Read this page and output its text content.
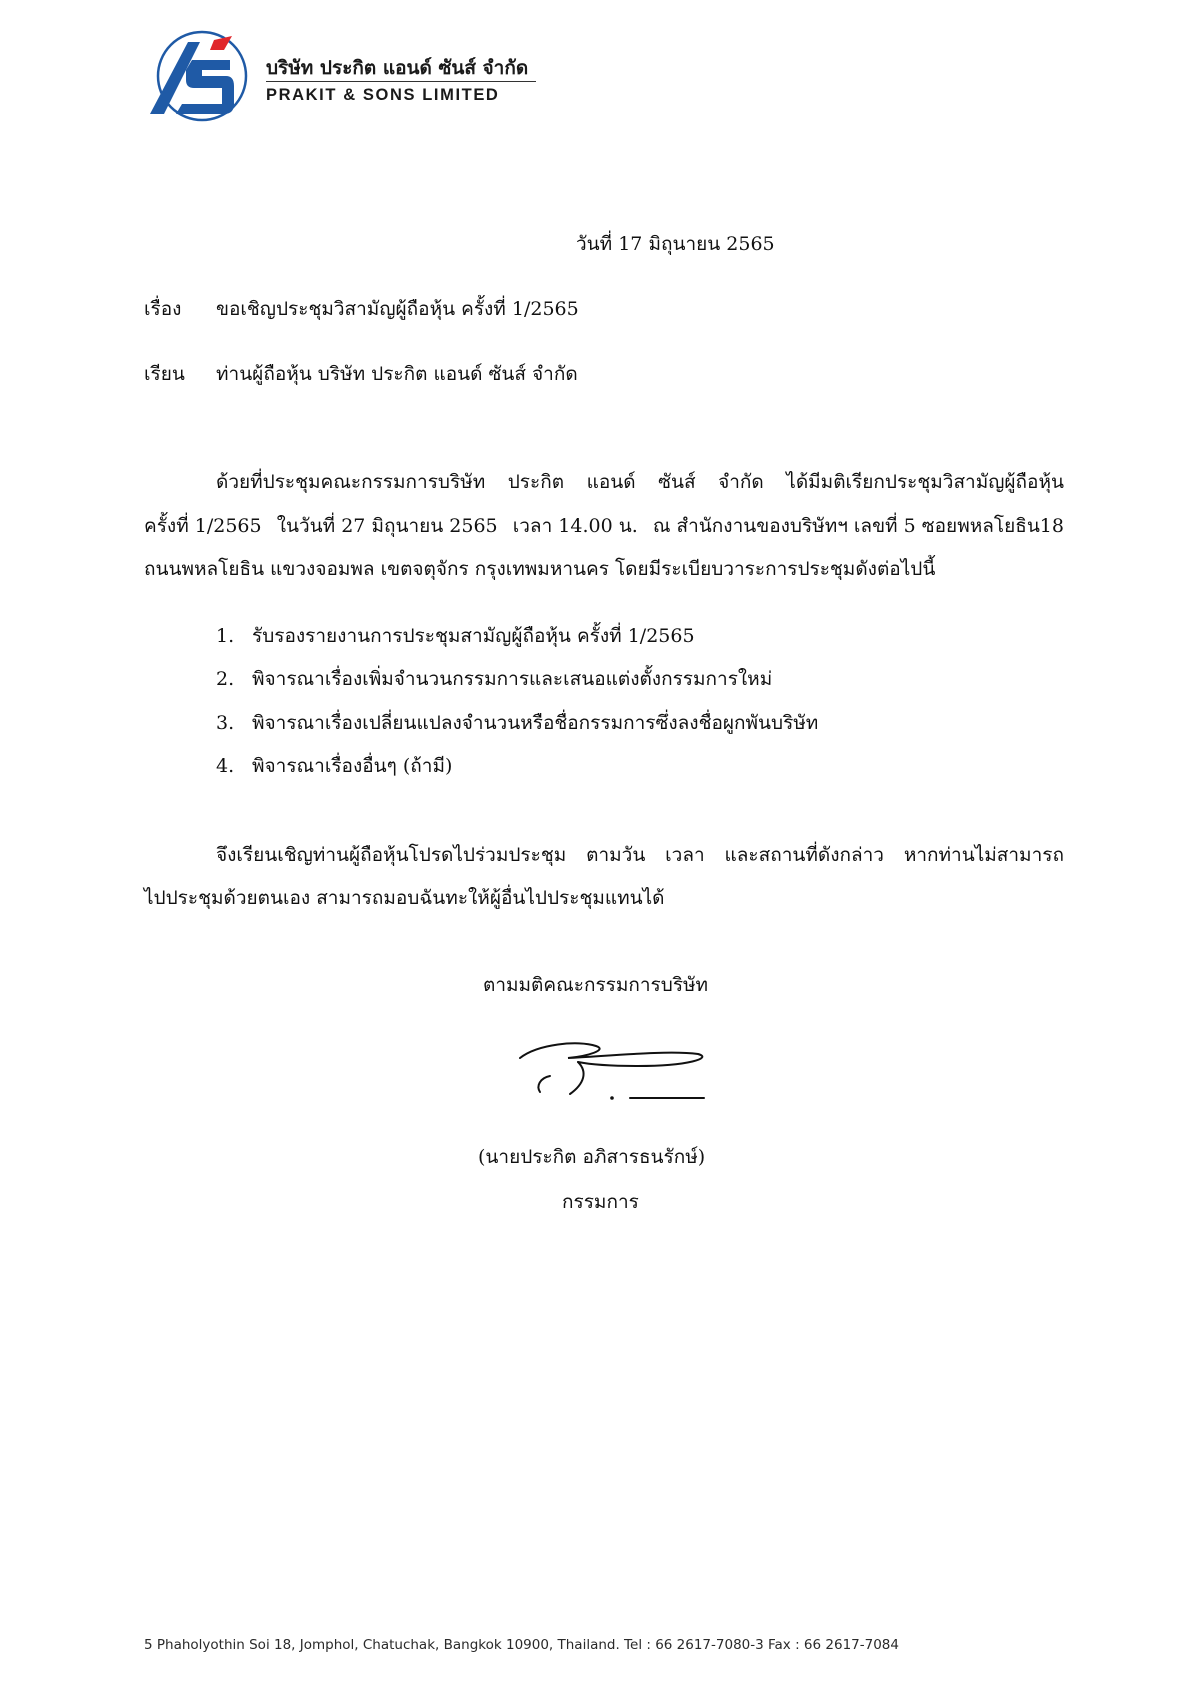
บริษัท ประกิต แอนด์ ซันส์ จำกัด
PRAKIT & SONS LIMITED
วันที่ 17 มิถุนายน 2565
เรื่อง ขอเชิญประชุมวิสามัญผู้ถือหุ้น ครั้งที่ 1/2565
เรียน ท่านผู้ถือหุ้น บริษัท ประกิต แอนด์ ซันส์ จำกัด
ด้วยที่ประชุมคณะกรรมการบริษัท ประกิต แอนด์ ซันส์ จำกัด ได้มีมติเรียกประชุมวิสามัญผู้ถือหุ้น
ครั้งที่ 1/2565 ในวันที่ 27 มิถุนายน 2565 เวลา 14.00 น. ณ สำนักงานของบริษัทฯ เลขที่ 5 ซอยพหลโยธิน18
ถนนพหลโยธิน แขวงจอมพล เขตจตุจักร กรุงเทพมหานคร โดยมีระเบียบวาระการประชุมดังต่อไปนี้
1. รับรองรายงานการประชุมสามัญผู้ถือหุ้น ครั้งที่ 1/2565
2. พิจารณาเรื่องเพิ่มจำนวนกรรมการและเสนอแต่งตั้งกรรมการใหม่
3. พิจารณาเรื่องเปลี่ยนแปลงจำนวนหรือชื่อกรรมการซึ่งลงชื่อผูกพันบริษัท
4. พิจารณาเรื่องอื่นๆ (ถ้ามี)
จึงเรียนเชิญท่านผู้ถือหุ้นโปรดไปร่วมประชุม ตามวัน เวลา และสถานที่ดังกล่าว หากท่านไม่สามารถ
ไปประชุมด้วยตนเอง สามารถมอบฉันทะให้ผู้อื่นไปประชุมแทนได้
ตามมติคณะกรรมการบริษัท
(นายประกิต อภิสารธนรักษ์)
กรรมการ
5 Phaholyothin Soi 18, Jomphol, Chatuchak, Bangkok 10900, Thailand. Tel : 66 2617-7080-3 Fax : 66 2617-7084
